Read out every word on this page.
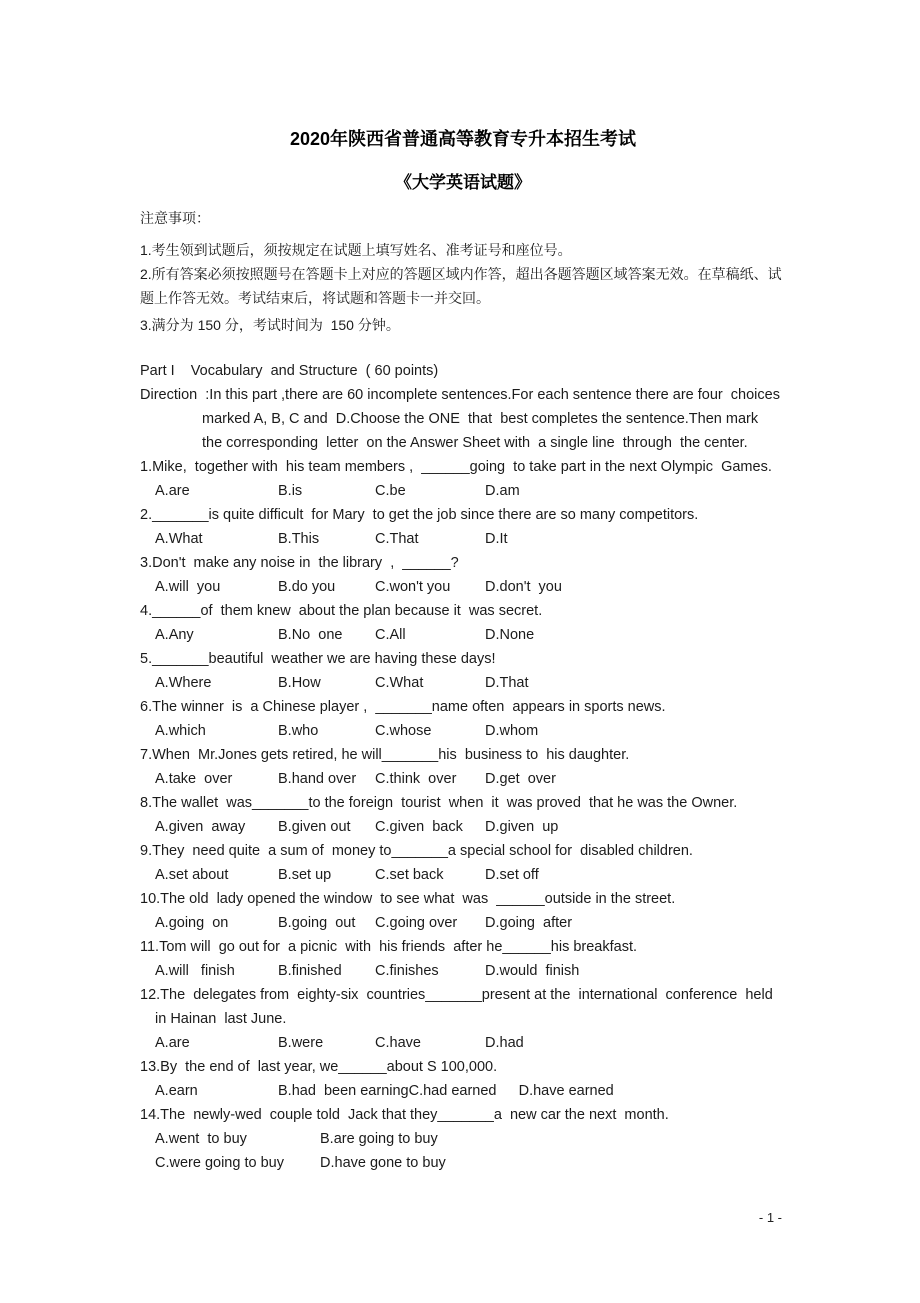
2020年陕西省普通高等教育专升本招生考试
《大学英语试题》

注意事项：

1.考生领到试题后，须按规定在试题上填写姓名、准考证号和座位号。

2.所有答案必须按照题号在答题卡上对应的答题区域内作答，超出各题答题区域答案无效。在草稿纸、试题上作答无效。考试结束后，将试题和答题卡一并交回。

3.满分为 150 分，考试时间为  150 分钟。

Part I    Vocabulary  and Structure  ( 60 points)

Direction  :In this part ,there are 60 incomplete sentences.For each sentence there are four  choices marked A, B, C and  D.Choose the ONE  that  best completes the sentence.Then mark  the corresponding  letter  on the Answer Sheet with  a single line  through  the center.

1.Mike,  together with  his team members ,  ______going  to take part in the next Olympic  Games.

A.are	B.is	C.be	D.am

2._______is quite difficult  for Mary  to get the job since there are so many competitors.

A.What	B.This	C.That	D.It

3.Don't  make any noise in  the library  ,  ______?

A.will  you	B.do you	C.won't you	D.don't  you

4.______of  them knew  about the plan because it  was secret.

A.Any	B.No  one	C.All	D.None

5._______beautiful  weather we are having these days!

A.Where	B.How	C.What	D.That

6.The winner  is  a Chinese player ,  _______name often  appears in sports news.

A.which	B.who	C.whose	D.whom

7.When  Mr.Jones gets retired, he will_______his  business to  his daughter.

A.take  over	B.hand over	C.think  over	D.get  over

8.The wallet  was_______to the foreign  tourist  when  it  was proved  that he was the Owner.

A.given  away	B.given out	C.given  back	D.given  up

9.They  need quite  a sum of  money to_______a special school for  disabled children.

A.set about	B.set up	C.set back	D.set off

10.The old  lady opened the window  to see what  was  ______outside in the street.

A.going  on	B.going  out	C.going over	D.going  after

11.Tom will  go out for  a picnic  with  his friends  after he______his breakfast.

A.will   finish	B.finished	C.finishes	D.would  finish

12.The  delegates from  eighty-six  countries_______present at the  international  conference  held in Hainan  last June.

A.are	B.were	C.have	D.had

13.By  the end of  last year, we______about S 100,000.

A.earn	B.had  been earning C.had earned	D.have earned

14.The  newly-wed  couple told  Jack that they_______a  new car the next  month.

A.went  to buy	B.are going to buy
C.were going to buy	D.have gone to buy
- 1 -
